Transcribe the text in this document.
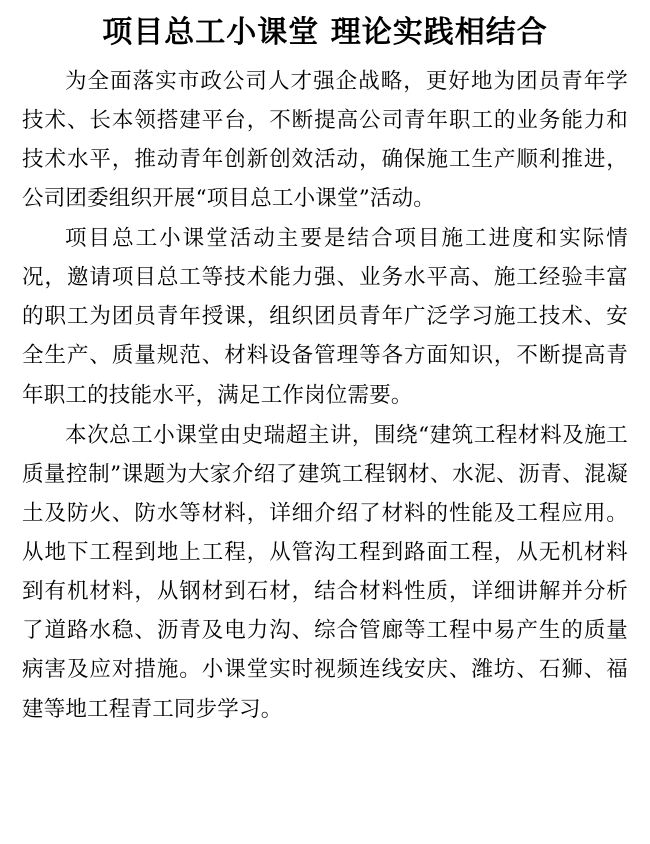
项目总工小课堂 理论实践相结合

为全面落实市政公司人才强企战略，更好地为团员青年学技术、长本领搭建平台，不断提高公司青年职工的业务能力和技术水平，推动青年创新创效活动，确保施工生产顺利推进，公司团委组织开展“项目总工小课堂”活动。

项目总工小课堂活动主要是结合项目施工进度和实际情况，邀请项目总工等技术能力强、业务水平高、施工经验丰富的职工为团员青年授课，组织团员青年广泛学习施工技术、安全生产、质量规范、材料设备管理等各方面知识，不断提高青年职工的技能水平，满足工作岗位需要。

本次总工小课堂由史瑞超主讲，围绕“建筑工程材料及施工质量控制”课题为大家介绍了建筑工程钢材、水泥、沥青、混凝土及防火、防水等材料，详细介绍了材料的性能及工程应用。从地下工程到地上工程，从管沟工程到路面工程，从无机材料到有机材料，从钢材到石材，结合材料性质，详细讲解并分析了道路水稳、沥青及电力沟、综合管廊等工程中易产生的质量病害及应对措施。小课堂实时视频连线安庆、潍坊、石狮、福建等地工程青工同步学习。
